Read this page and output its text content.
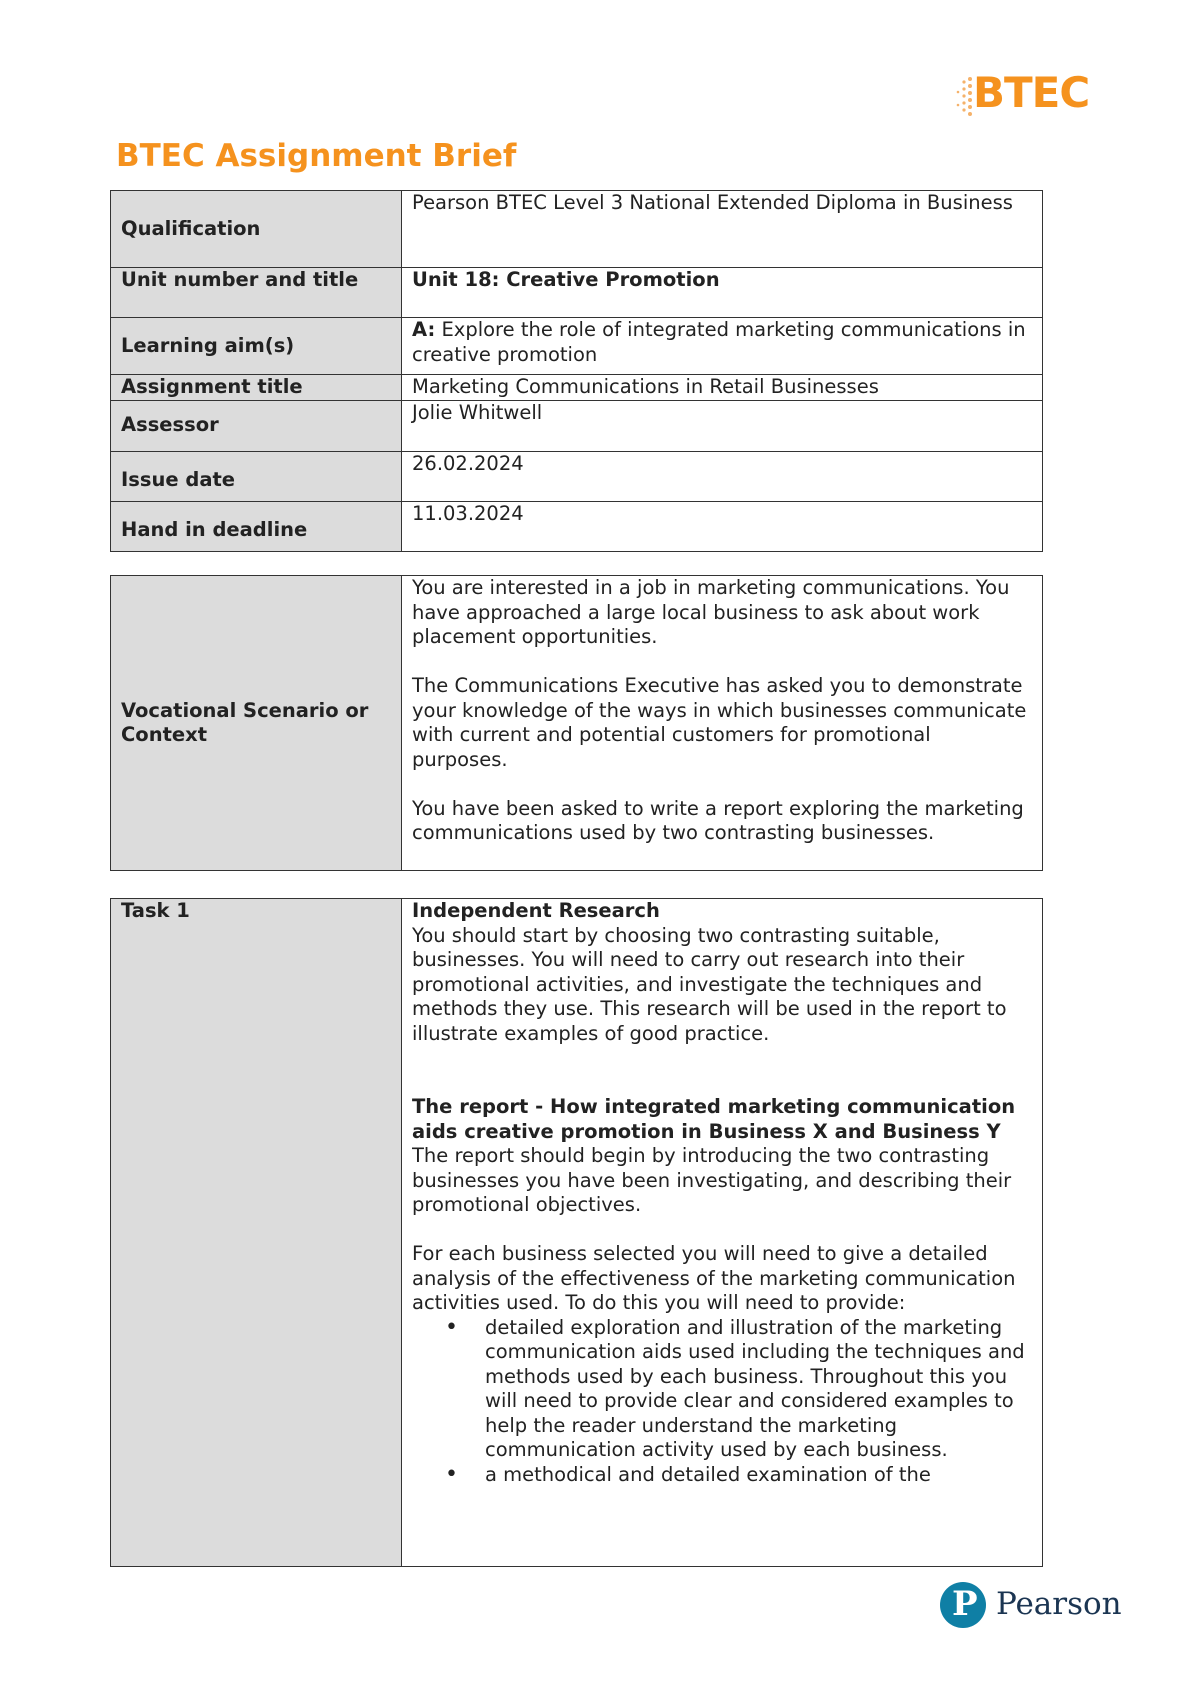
BTEC
BTEC Assignment Brief
Qualification	Pearson BTEC Level 3 National Extended Diploma in Business
Unit number and title	Unit 18: Creative Promotion
Learning aim(s)	A: Explore the role of integrated marketing communications in creative promotion
Assignment title	Marketing Communications in Retail Businesses
Assessor	Jolie Whitwell
Issue date	26.02.2024
Hand in deadline	11.03.2024
Vocational Scenario or Context	

You are interested in a job in marketing communications. You have approached a large local business to ask about work placement opportunities.

The Communications Executive has asked you to demonstrate your knowledge of the ways in which businesses communicate with current and potential customers for promotional purposes.

You have been asked to write a report exploring the marketing communications used by two contrasting businesses.

Task 1	Independent Research

You should start by choosing two contrasting suitable, businesses. You will need to carry out research into their promotional activities, and investigate the techniques and methods they use. This research will be used in the report to illustrate examples of good practice.

The report - How integrated marketing communication aids creative promotion in Business X and Business Y

The report should begin by introducing the two contrasting businesses you have been investigating, and describing their promotional objectives.

For each business selected you will need to give a detailed analysis of the effectiveness of the marketing communication activities used. To do this you will need to provide:

• detailed exploration and illustration of the marketing communication aids used including the techniques and methods used by each business. Throughout this you will need to provide clear and considered examples to help the reader understand the marketing communication activity used by each business.
• a methodical and detailed examination of the
P Pearson
